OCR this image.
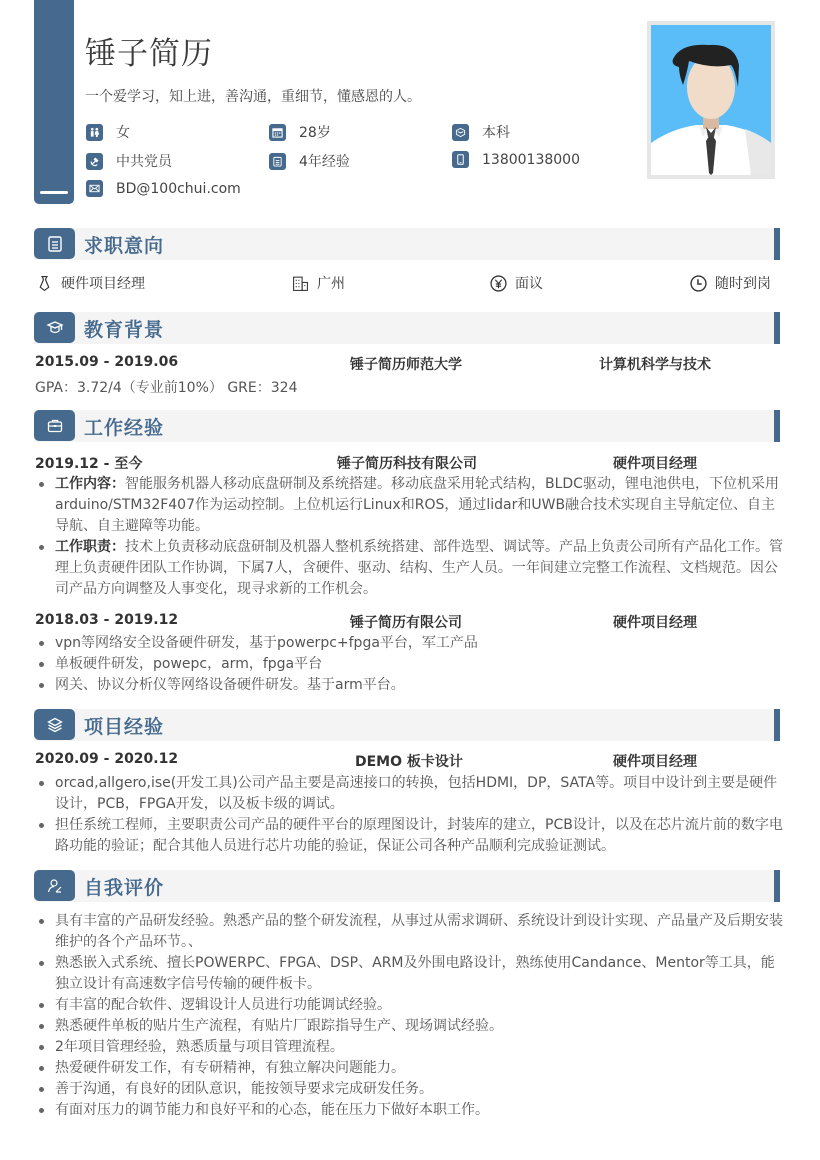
锤子简历
一个爱学习，知上进，善沟通，重细节，懂感恩的人。
女	28岁	本科
中共党员	4年经验	13800138000
BD@100chui.com
求职意向
硬件项目经理	广州	面议	随时到岗
教育背景
2015.09 - 2019.06	锤子简历师范大学	计算机科学与技术
GPA：3.72/4（专业前10%） GRE：324
工作经验
2019.12 - 至今	锤子简历科技有限公司	硬件项目经理
工作内容：智能服务机器人移动底盘研制及系统搭建。移动底盘采用轮式结构，BLDC驱动，锂电池供电，下位机采用arduino/STM32F407作为运动控制。上位机运行Linux和ROS，通过lidar和UWB融合技术实现自主导航定位、自主导航、自主避障等功能。
工作职责：技术上负责移动底盘研制及机器人整机系统搭建、部件选型、调试等。产品上负责公司所有产品化工作。管理上负责硬件团队工作协调，下属7人，含硬件、驱动、结构、生产人员。一年间建立完整工作流程、文档规范。因公司产品方向调整及人事变化，现寻求新的工作机会。
2018.03 - 2019.12	锤子简历有限公司	硬件项目经理
vpn等网络安全设备硬件研发，基于powerpc+fpga平台，军工产品
单板硬件研发，powepc，arm，fpga平台
网关、协议分析仪等网络设备硬件研发。基于arm平台。
项目经验
2020.09 - 2020.12	DEMO 板卡设计	硬件项目经理
orcad,allgero,ise(开发工具)公司产品主要是高速接口的转换，包括HDMI，DP，SATA等。项目中设计到主要是硬件设计，PCB，FPGA开发，以及板卡级的调试。
担任系统工程师，主要职责公司产品的硬件平台的原理图设计，封装库的建立，PCB设计，以及在芯片流片前的数字电路功能的验证；配合其他人员进行芯片功能的验证，保证公司各种产品顺利完成验证测试。
自我评价
具有丰富的产品研发经验。熟悉产品的整个研发流程，从事过从需求调研、系统设计到设计实现、产品量产及后期安装维护的各个产品环节。、
熟悉嵌入式系统、擅长POWERPC、FPGA、DSP、ARM及外围电路设计，熟练使用Candance、Mentor等工具，能独立设计有高速数字信号传输的硬件板卡。
有丰富的配合软件、逻辑设计人员进行功能调试经验。
熟悉硬件单板的贴片生产流程，有贴片厂跟踪指导生产、现场调试经验。
2年项目管理经验，熟悉质量与项目管理流程。
热爱硬件研发工作，有专研精神，有独立解决问题能力。
善于沟通，有良好的团队意识，能按领导要求完成研发任务。
有面对压力的调节能力和良好平和的心态，能在压力下做好本职工作。
